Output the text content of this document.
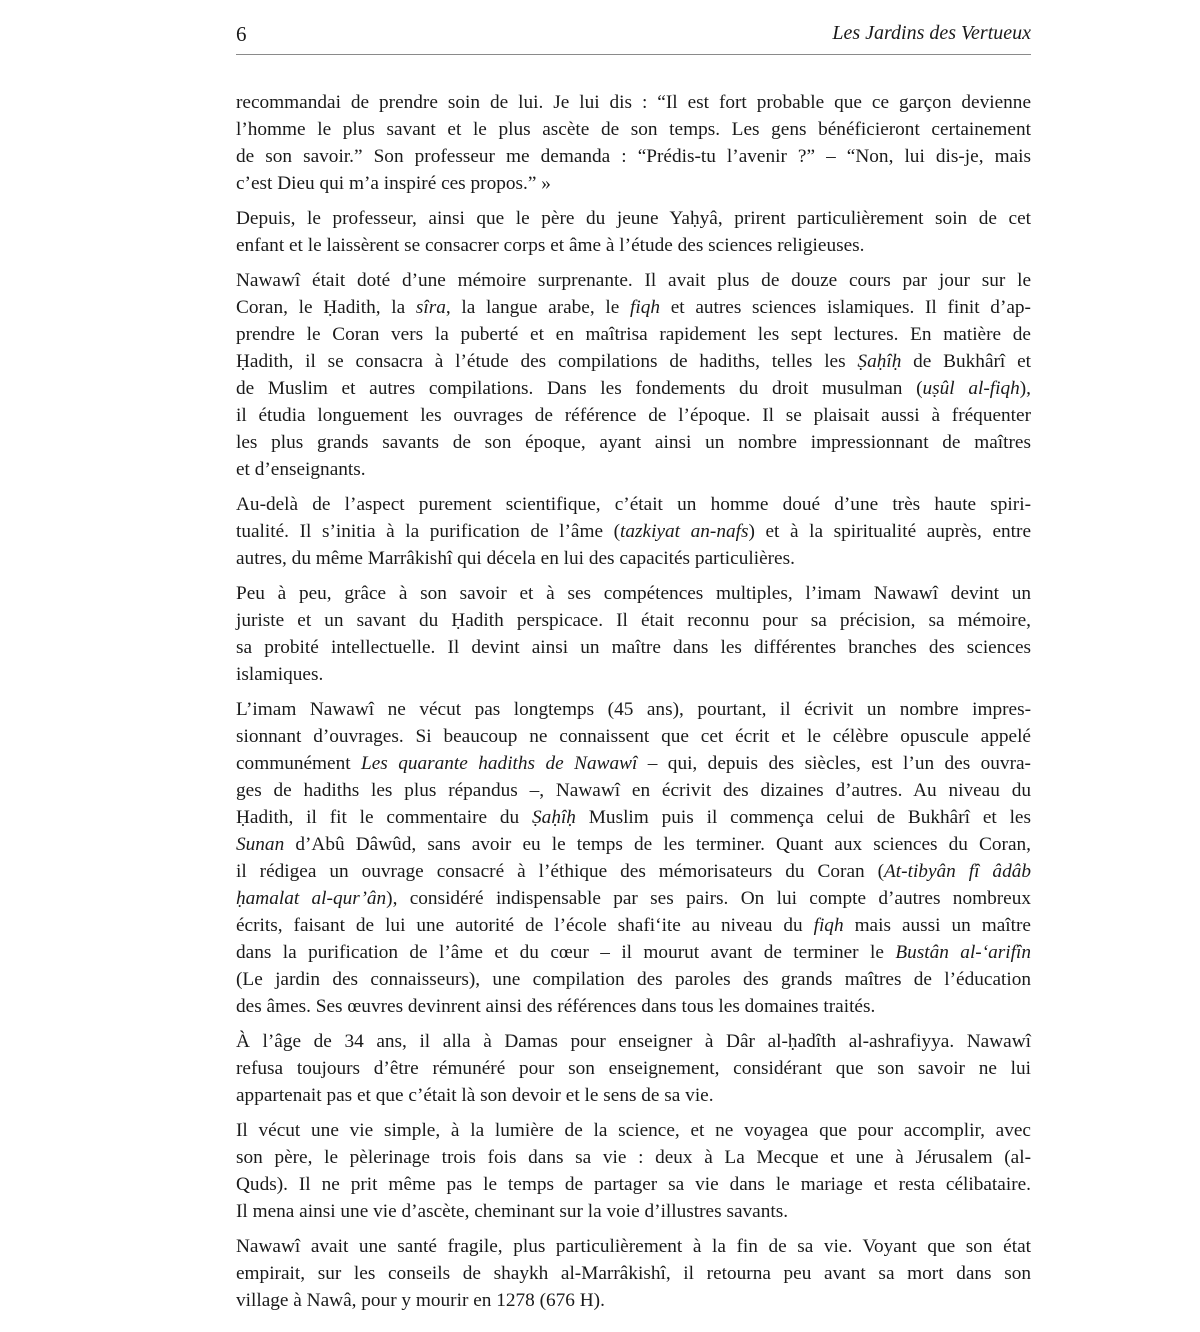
6	Les Jardins des Vertueux

recommandai de prendre soin de lui. Je lui dis : “Il est fort probable que ce garçon devienne
l’homme le plus savant et le plus ascète de son temps. Les gens bénéficieront certainement
de son savoir.” Son professeur me demanda : “Prédis-tu l’avenir ?” – “Non, lui dis-je, mais
c’est Dieu qui m’a inspiré ces propos.” »

Depuis, le professeur, ainsi que le père du jeune Yaḥyâ, prirent particulièrement soin de cet
enfant et le laissèrent se consacrer corps et âme à l’étude des sciences religieuses.

Nawawî était doté d’une mémoire surprenante. Il avait plus de douze cours par jour sur le
Coran, le Ḥadith, la sîra, la langue arabe, le fiqh et autres sciences islamiques. Il finit d’ap-
prendre le Coran vers la puberté et en maîtrisa rapidement les sept lectures. En matière de
Ḥadith, il se consacra à l’étude des compilations de hadiths, telles les Ṣaḥîḥ de Bukhârî et
de Muslim et autres compilations. Dans les fondements du droit musulman (uṣûl al-fiqh),
il étudia longuement les ouvrages de référence de l’époque. Il se plaisait aussi à fréquenter
les plus grands savants de son époque, ayant ainsi un nombre impressionnant de maîtres
et d’enseignants.

Au-delà de l’aspect purement scientifique, c’était un homme doué d’une très haute spiri-
tualité. Il s’initia à la purification de l’âme (tazkiyat an-nafs) et à la spiritualité auprès, entre
autres, du même Marrâkishî qui décela en lui des capacités particulières.

Peu à peu, grâce à son savoir et à ses compétences multiples, l’imam Nawawî devint un
juriste et un savant du Ḥadith perspicace. Il était reconnu pour sa précision, sa mémoire,
sa probité intellectuelle. Il devint ainsi un maître dans les différentes branches des sciences
islamiques.

L’imam Nawawî ne vécut pas longtemps (45 ans), pourtant, il écrivit un nombre impres-
sionnant d’ouvrages. Si beaucoup ne connaissent que cet écrit et le célèbre opuscule appelé
communément Les quarante hadiths de Nawawî – qui, depuis des siècles, est l’un des ouvra-
ges de hadiths les plus répandus –, Nawawî en écrivit des dizaines d’autres. Au niveau du
Ḥadith, il fit le commentaire du Ṣaḥîḥ Muslim puis il commença celui de Bukhârî et les
Sunan d’Abû Dâwûd, sans avoir eu le temps de les terminer. Quant aux sciences du Coran,
il rédigea un ouvrage consacré à l’éthique des mémorisateurs du Coran (At-tibyân fî âdâb
ḥamalat al-qur’ân), considéré indispensable par ses pairs. On lui compte d’autres nombreux
écrits, faisant de lui une autorité de l’école shafi‘ite au niveau du fiqh mais aussi un maître
dans la purification de l’âme et du cœur – il mourut avant de terminer le Bustân al-‘arifîn
(Le jardin des connaisseurs), une compilation des paroles des grands maîtres de l’éducation
des âmes. Ses œuvres devinrent ainsi des références dans tous les domaines traités.

À l’âge de 34 ans, il alla à Damas pour enseigner à Dâr al-ḥadîth al-ashrafiyya. Nawawî
refusa toujours d’être rémunéré pour son enseignement, considérant que son savoir ne lui
appartenait pas et que c’était là son devoir et le sens de sa vie.

Il vécut une vie simple, à la lumière de la science, et ne voyagea que pour accomplir, avec
son père, le pèlerinage trois fois dans sa vie : deux à La Mecque et une à Jérusalem (al-
Quds). Il ne prit même pas le temps de partager sa vie dans le mariage et resta célibataire.
Il mena ainsi une vie d’ascète, cheminant sur la voie d’illustres savants.

Nawawî avait une santé fragile, plus particulièrement à la fin de sa vie. Voyant que son état
empirait, sur les conseils de shaykh al-Marrâkishî, il retourna peu avant sa mort dans son
village à Nawâ, pour y mourir en 1278 (676 H).
